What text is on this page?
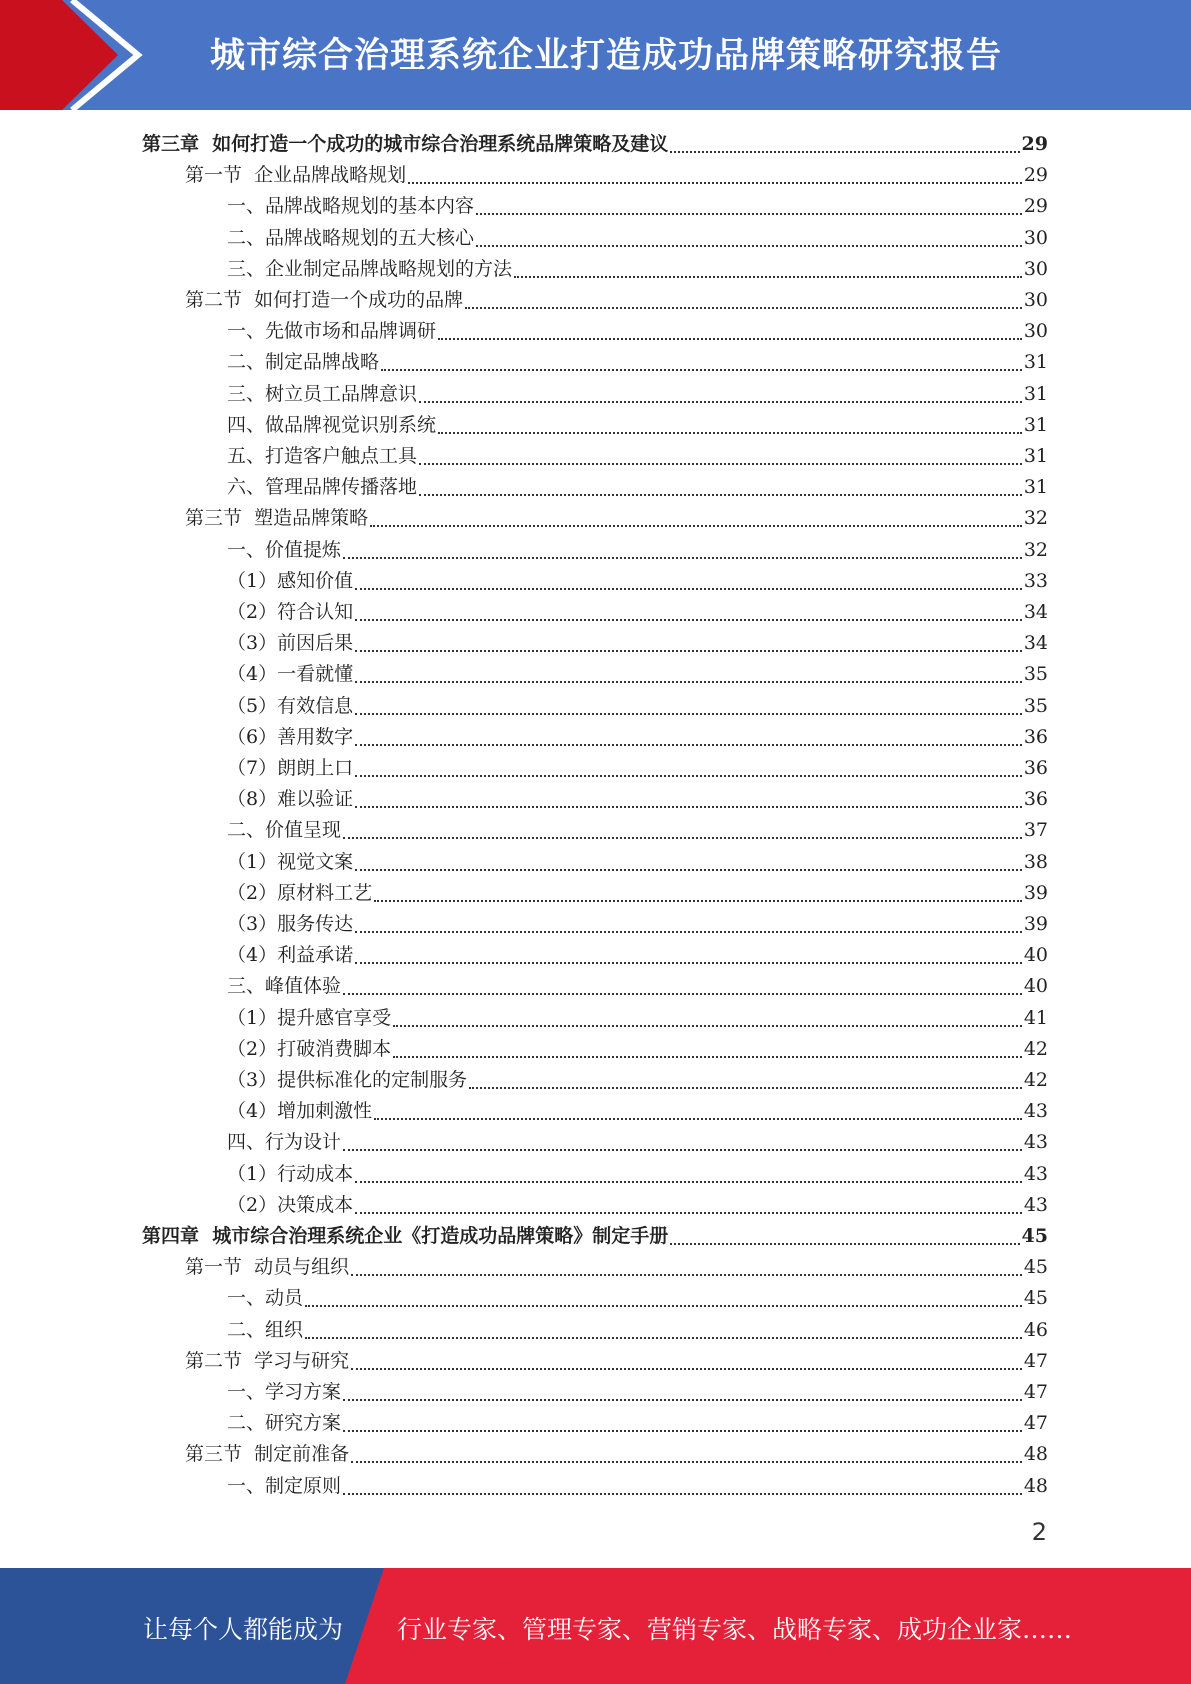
城市综合治理系统企业打造成功品牌策略研究报告
第三章  如何打造一个成功的城市综合治理系统品牌策略及建议	29
第一节  企业品牌战略规划	29
一、品牌战略规划的基本内容	29
二、品牌战略规划的五大核心	30
三、企业制定品牌战略规划的方法	30
第二节  如何打造一个成功的品牌	30
一、先做市场和品牌调研	30
二、制定品牌战略	31
三、树立员工品牌意识	31
四、做品牌视觉识别系统	31
五、打造客户触点工具	31
六、管理品牌传播落地	31
第三节  塑造品牌策略	32
一、价值提炼	32
（1）感知价值	33
（2）符合认知	34
（3）前因后果	34
（4）一看就懂	35
（5）有效信息	35
（6）善用数字	36
（7）朗朗上口	36
（8）难以验证	36
二、价值呈现	37
（1）视觉文案	38
（2）原材料工艺	39
（3）服务传达	39
（4）利益承诺	40
三、峰值体验	40
（1）提升感官享受	41
（2）打破消费脚本	42
（3）提供标准化的定制服务	42
（4）增加刺激性	43
四、行为设计	43
（1）行动成本	43
（2）决策成本	43
第四章  城市综合治理系统企业《打造成功品牌策略》制定手册	45
第一节  动员与组织	45
一、动员	45
二、组织	46
第二节  学习与研究	47
一、学习方案	47
二、研究方案	47
第三节  制定前准备	48
一、制定原则	48
2
让每个人都能成为 行业专家、管理专家、营销专家、战略专家、成功企业家……
